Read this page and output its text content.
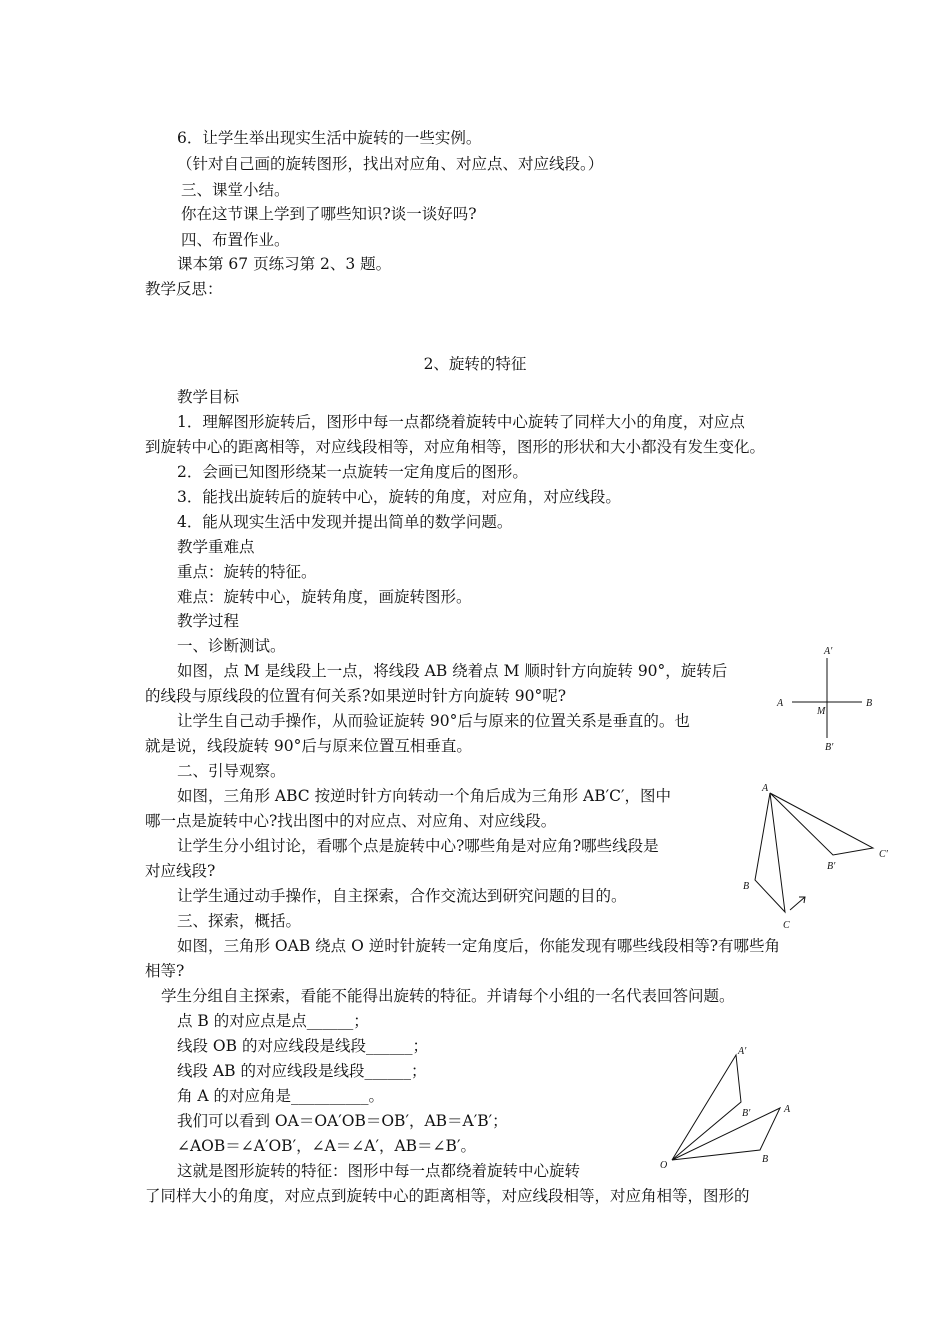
6．让学生举出现实生活中旋转的一些实例。
（针对自己画的旋转图形，找出对应角、对应点、对应线段。）
三、课堂小结。
你在这节课上学到了哪些知识?谈一谈好吗?
四、布置作业。
课本第 67 页练习第 2、3 题。
教学反思：
2、旋转的特征
教学目标
1．理解图形旋转后，图形中每一点都绕着旋转中心旋转了同样大小的角度，对应点
到旋转中心的距离相等，对应线段相等，对应角相等，图形的形状和大小都没有发生变化。
2．会画已知图形绕某一点旋转一定角度后的图形。
3．能找出旋转后的旋转中心，旋转的角度，对应角，对应线段。
4．能从现实生活中发现并提出简单的数学问题。
教学重难点
重点：旋转的特征。
难点：旋转中心，旋转角度，画旋转图形。
教学过程
一、诊断测试。
如图，点 M 是线段上一点，将线段 AB 绕着点 M 顺时针方向旋转 90°，旋转后
的线段与原线段的位置有何关系?如果逆时针方向旋转 90°呢?
让学生自己动手操作，从而验证旋转 90°后与原来的位置关系是垂直的。也
就是说，线段旋转 90°后与原来位置互相垂直。
二、引导观察。
如图，三角形 ABC 按逆时针方向转动一个角后成为三角形 AB′C′，图中
哪一点是旋转中心?找出图中的对应点、对应角、对应线段。
让学生分小组讨论，看哪个点是旋转中心?哪些角是对应角?哪些线段是
对应线段?
让学生通过动手操作，自主探索，合作交流达到研究问题的目的。
三、探索，概括。
如图，三角形 OAB 绕点 O 逆时针旋转一定角度后，你能发现有哪些线段相等?有哪些角
相等?
学生分组自主探索，看能不能得出旋转的特征。并请每个小组的一名代表回答问题。
点 B 的对应点是点______；
线段 OB 的对应线段是线段______；
线段 AB 的对应线段是线段______；
角 A 的对应角是__________。
我们可以看到 OA＝OA′OB＝OB′，AB＝A′B′；
∠AOB＝∠A′OB′，∠A＝∠A′，AB＝∠B′。
这就是图形旋转的特征：图形中每一点都绕着旋转中心旋转
了同样大小的角度，对应点到旋转中心的距离相等，对应线段相等，对应角相等，图形的
A′
A
M
B
B′
A
B′
C′
B
C
A′
B′	A
O
B
